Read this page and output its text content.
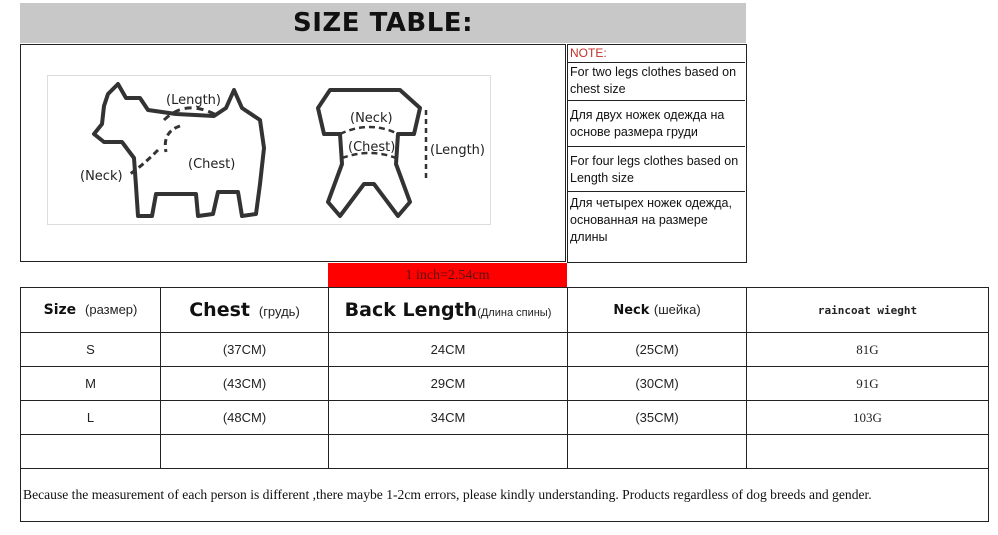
SIZE TABLE:
(Length)
(Chest)
(Neck)
(Neck)
(Chest)	(Length)
NOTE:
For two legs clothes based on chest size
Для двух ножек одежда на основе размера груди
For four legs clothes based on Length size
Для четырех ножек одежда, основанная на размере длины
1 inch=2.54cm
Size (размер)	Chest (грудь)	Back Length(Длина спины)	Neck (шейка)	raincoat wieght
S	(37CM)	24CM	(25CM)	81G
M	(43CM)	29CM	(30CM)	91G
L	(48CM)	34CM	(35CM)	103G

Because the measurement of each person is different ,there maybe 1-2cm errors, please kindly understanding. Products regardless of dog breeds and gender.				
